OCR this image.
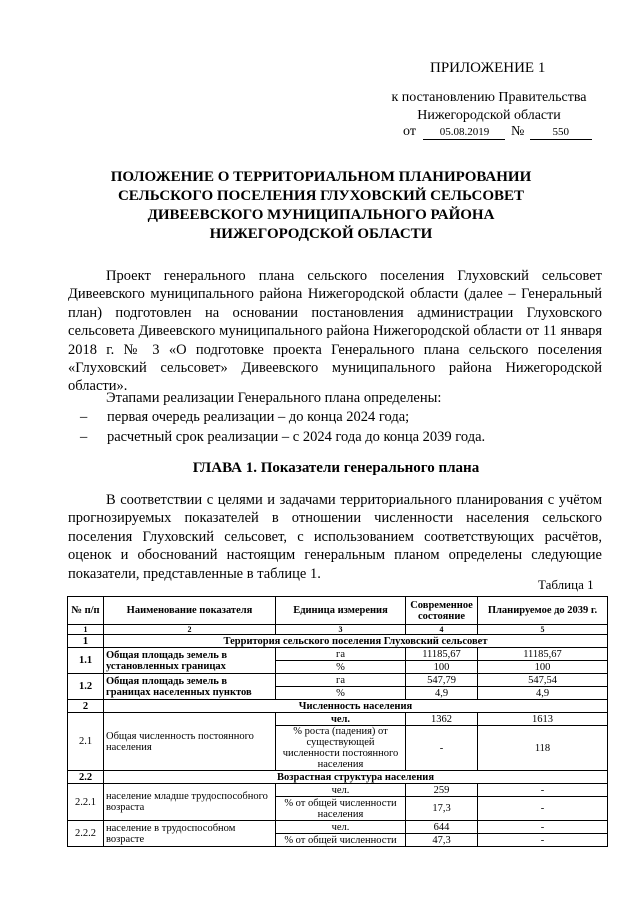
ПРИЛОЖЕНИЕ 1
к постановлению Правительства
Нижегородской области
от 05.08.2019 №	550
ПОЛОЖЕНИЕ О ТЕРРИТОРИАЛЬНОМ ПЛАНИРОВАНИИ
СЕЛЬСКОГО ПОСЕЛЕНИЯ ГЛУХОВСКИЙ СЕЛЬСОВЕТ
ДИВЕЕВСКОГО МУНИЦИПАЛЬНОГО РАЙОНА
НИЖЕГОРОДСКОЙ ОБЛАСТИ
Проект генерального плана сельского поселения Глуховский сельсовет Дивеевского муниципального района Нижегородской области (далее – Генеральный план) подготовлен на основании постановления администрации Глуховского сельсовета Дивеевского муниципального района Нижегородской области от 11 января 2018 г. № 3 «О подготовке проекта Генерального плана сельского поселения «Глуховский сельсовет» Дивеевского муниципального района Нижегородской области».
Этапами реализации Генерального плана определены:
– первая очередь реализации – до конца 2024 года;
– расчетный срок реализации – с 2024 года до конца 2039 года.
ГЛАВА 1. Показатели генерального плана
В соответствии с целями и задачами территориального планирования с учётом прогнозируемых показателей в отношении численности населения сельского поселения Глуховский сельсовет, с использованием соответствующих расчётов, оценок и обоснований настоящим генеральным планом определены следующие показатели, представленные в таблице 1.
Таблица 1
№ п/п	Наименование показателя	Единица измерения	Современное состояние	Планируемое до 2039 г.
1	2	3	4	5
1	Территория сельского поселения Глуховский сельсовет			
1.1	Общая площадь земель в установленных границах	га	11185,67	11185,67
		%	100	100
1.2	Общая площадь земель в границах населенных пунктов	га	547,79	547,54
		%	4,9	4,9
2	Численность населения			
2.1	Общая численность постоянного населения	чел.	1362	1613
		% роста (падения) от существующей численности постоянного населения	-	118
2.2	Возрастная структура населения			
2.2.1	население младше трудоспособного возраста	чел.	259	-
		% от общей численности населения	17,3	-
2.2.2	население в трудоспособном возрасте	чел.	644	-
		% от общей численности	47,3	-
